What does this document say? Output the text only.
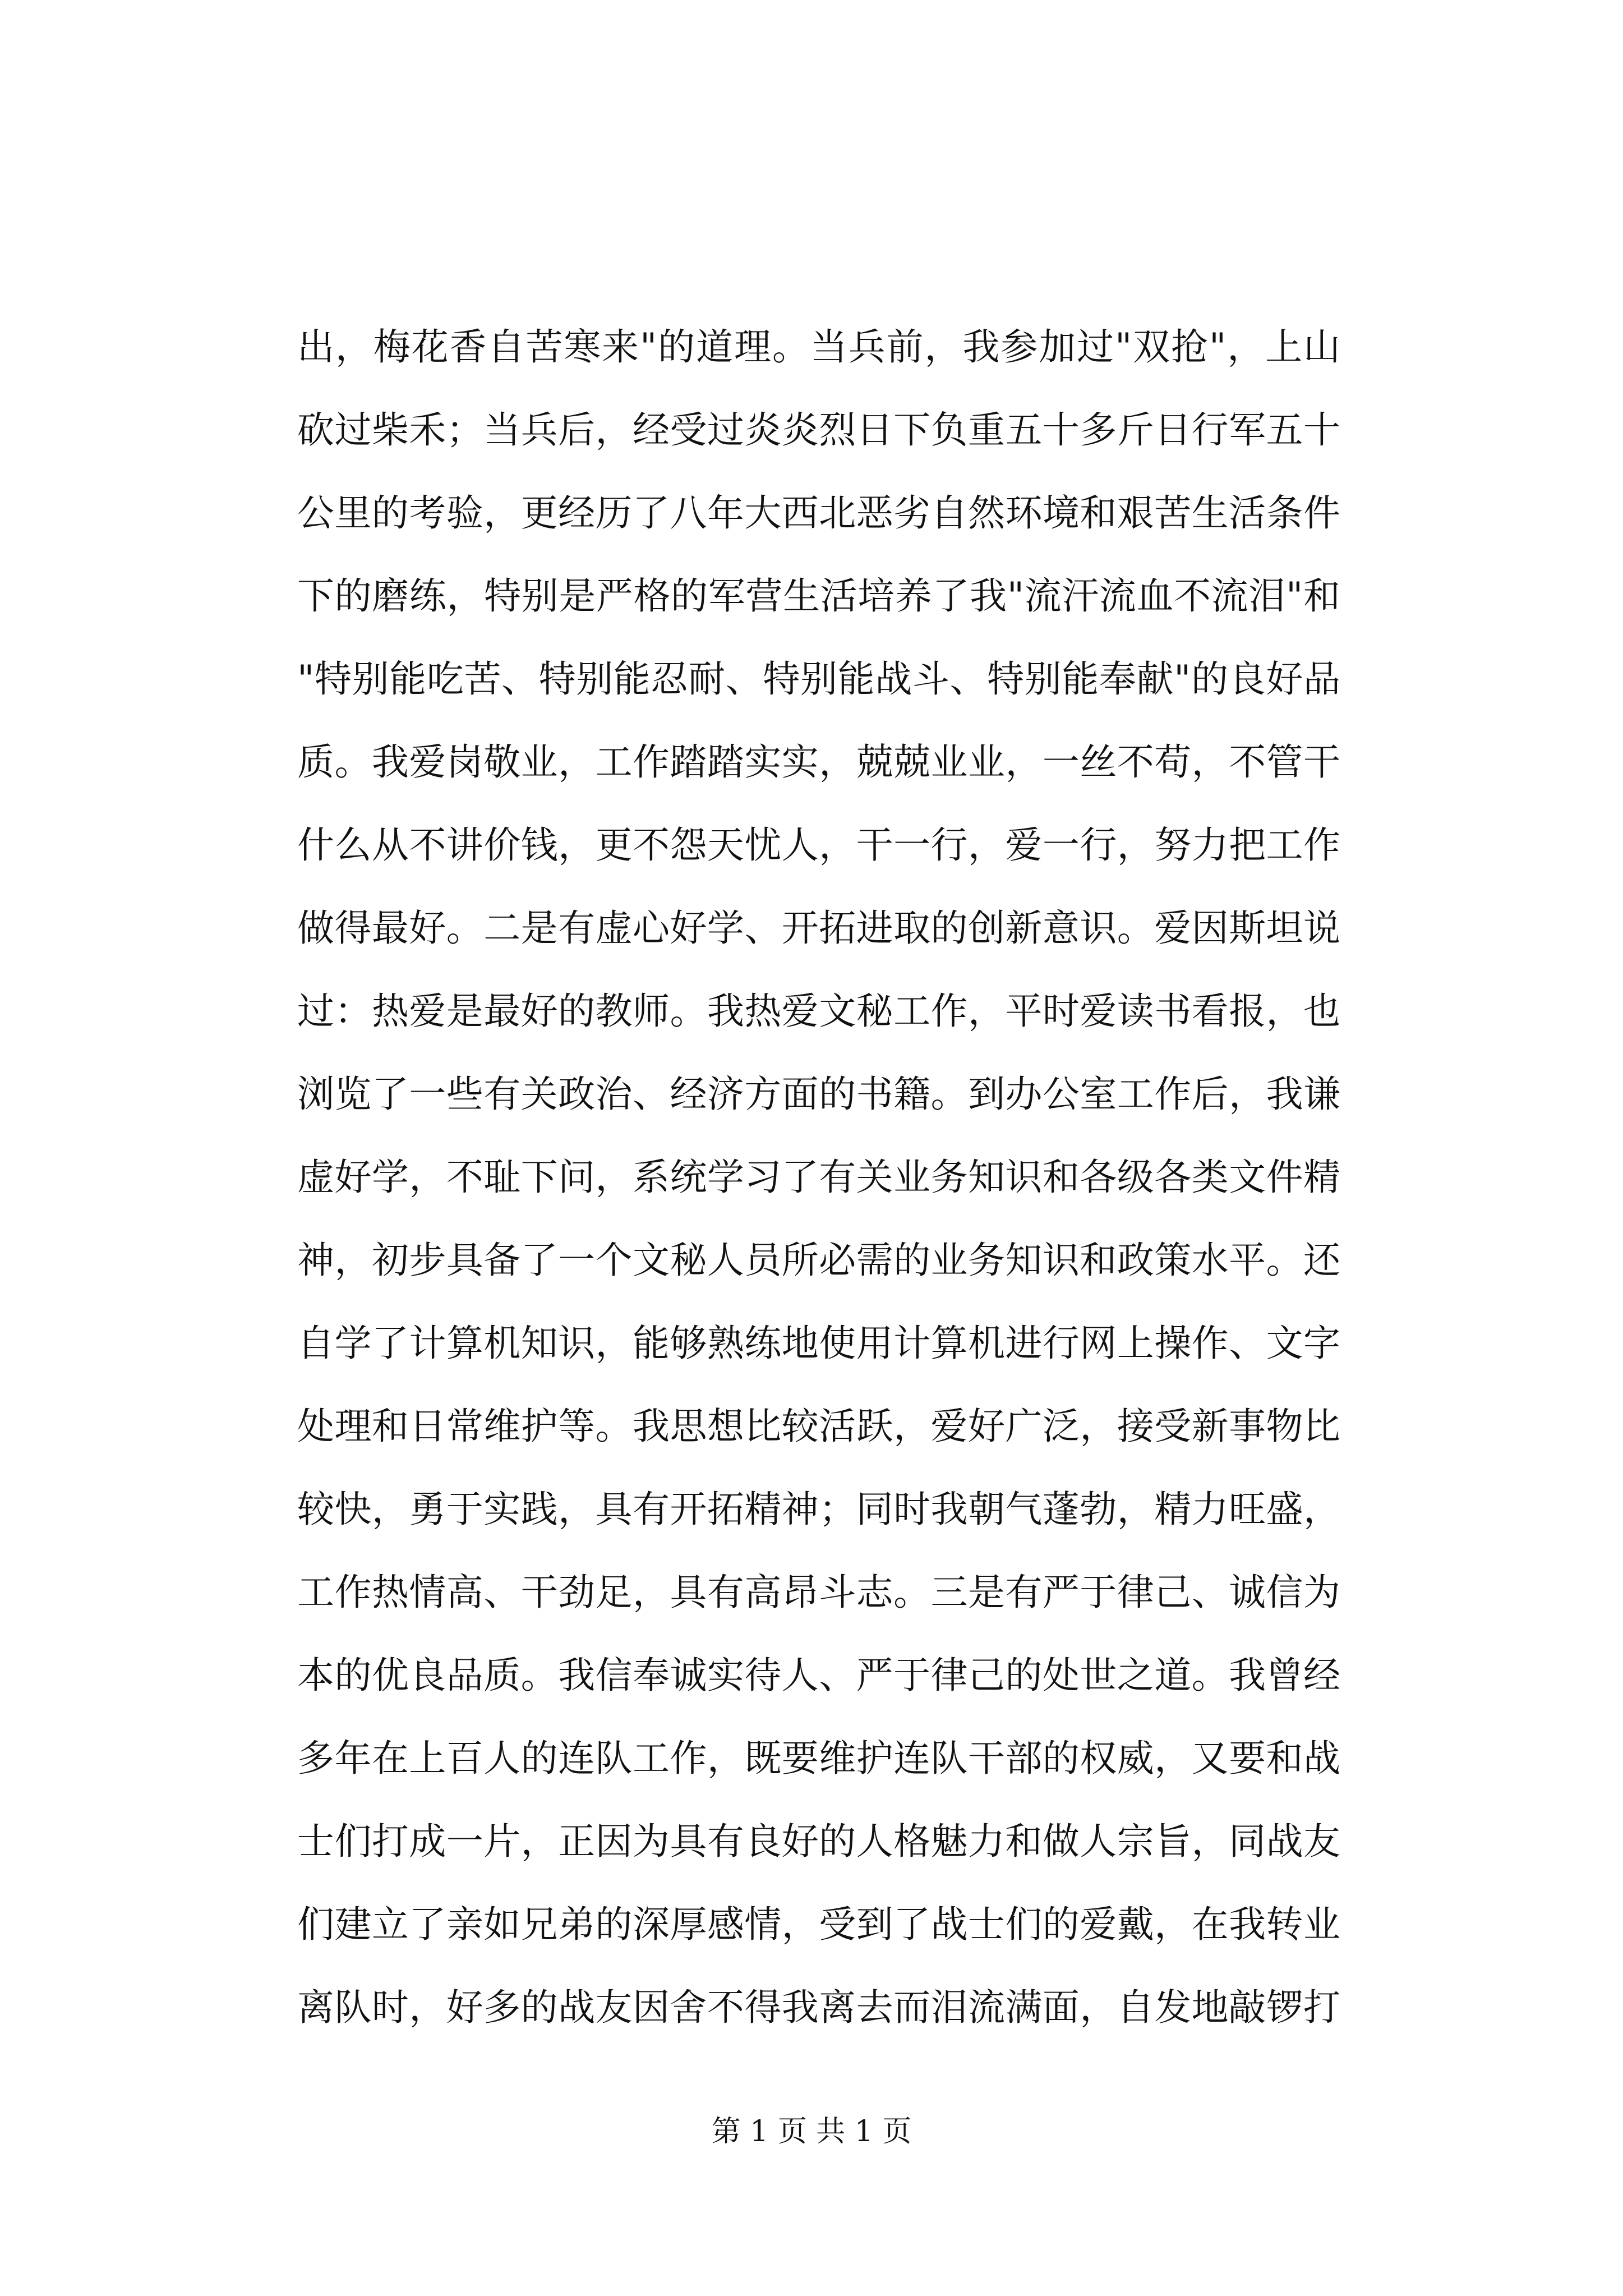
出，梅花香自苦寒来"的道理。当兵前，我参加过"双抢"，上山
砍过柴禾；当兵后，经受过炎炎烈日下负重五十多斤日行军五十
公里的考验，更经历了八年大西北恶劣自然环境和艰苦生活条件
下的磨练，特别是严格的军营生活培养了我"流汗流血不流泪"和
"特别能吃苦、特别能忍耐、特别能战斗、特别能奉献"的良好品
质。我爱岗敬业，工作踏踏实实，兢兢业业，一丝不苟，不管干
什么从不讲价钱，更不怨天忧人，干一行，爱一行，努力把工作
做得最好。二是有虚心好学、开拓进取的创新意识。爱因斯坦说
过：热爱是最好的教师。我热爱文秘工作，平时爱读书看报，也
浏览了一些有关政治、经济方面的书籍。到办公室工作后，我谦
虚好学，不耻下问，系统学习了有关业务知识和各级各类文件精
神，初步具备了一个文秘人员所必需的业务知识和政策水平。还
自学了计算机知识，能够熟练地使用计算机进行网上操作、文字
处理和日常维护等。我思想比较活跃，爱好广泛，接受新事物比
较快，勇于实践，具有开拓精神；同时我朝气蓬勃，精力旺盛，
工作热情高、干劲足，具有高昂斗志。三是有严于律己、诚信为
本的优良品质。我信奉诚实待人、严于律己的处世之道。我曾经
多年在上百人的连队工作，既要维护连队干部的权威，又要和战
士们打成一片，正因为具有良好的人格魅力和做人宗旨，同战友
们建立了亲如兄弟的深厚感情，受到了战士们的爱戴，在我转业
离队时，好多的战友因舍不得我离去而泪流满面，自发地敲锣打
第 1 页 共 1 页
